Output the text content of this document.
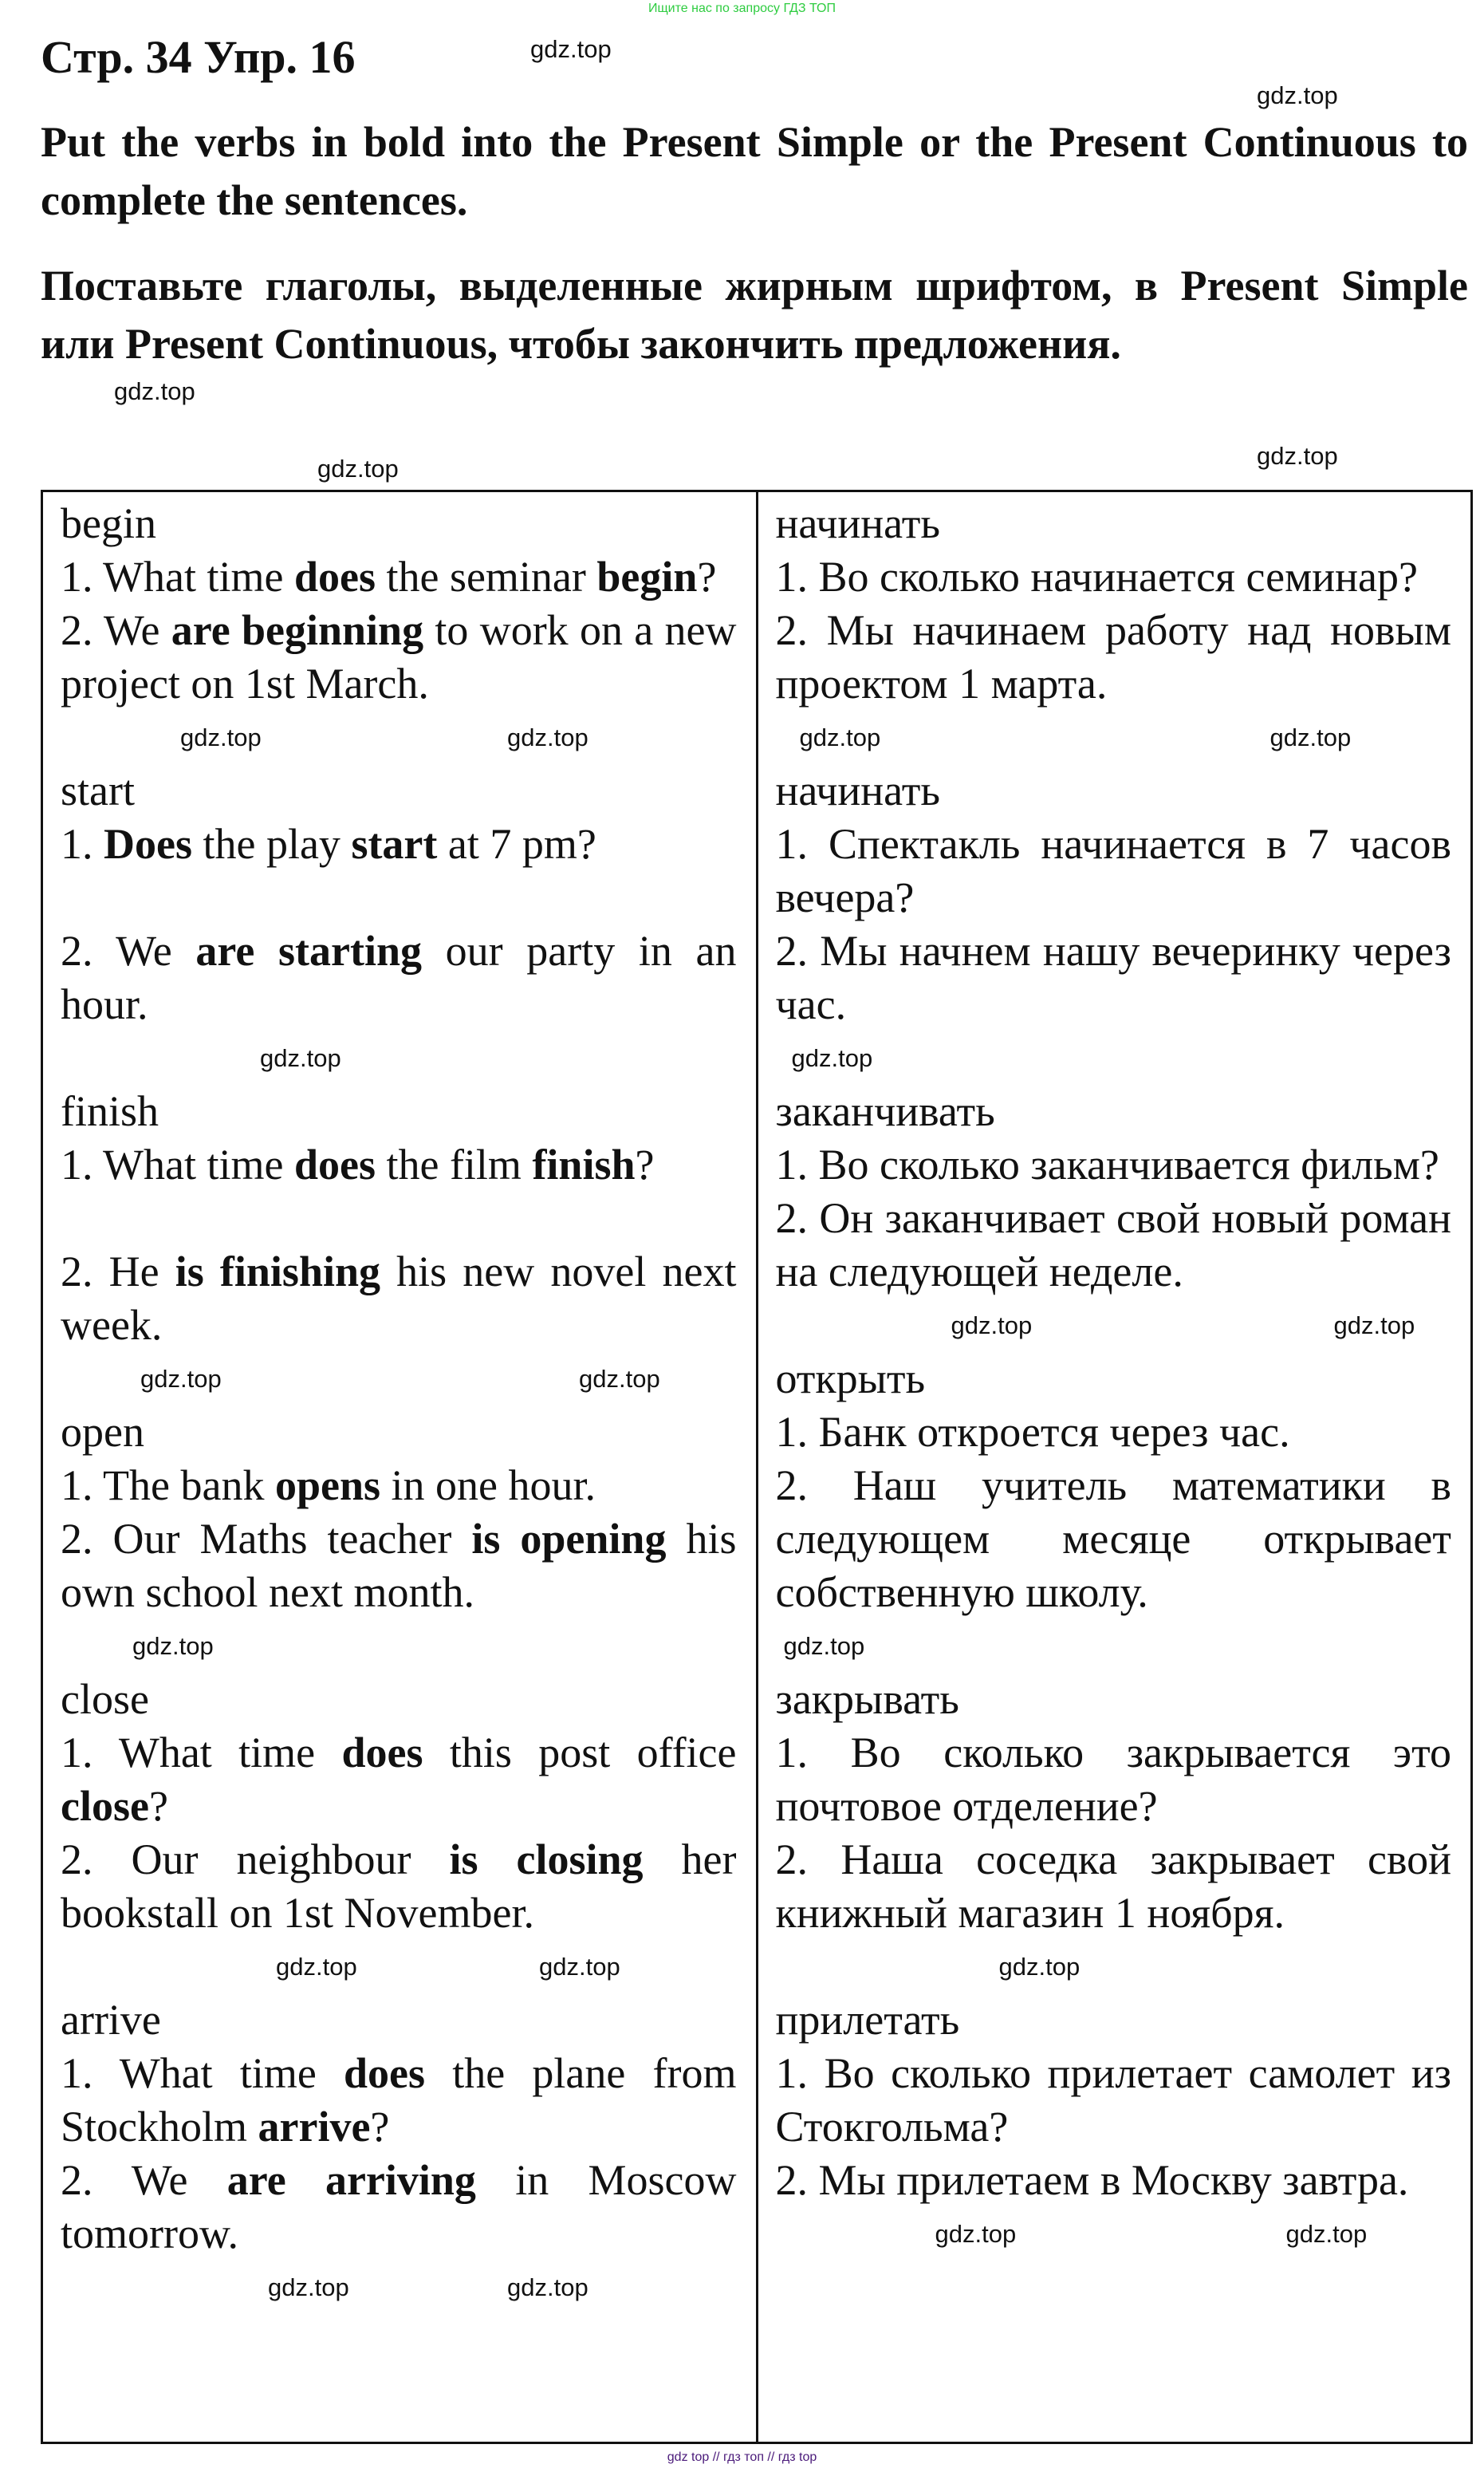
Ищите нас по запросу ГДЗ ТОП
Стр. 34 Упр. 16
Put the verbs in bold into the Present Simple or the Present Continuous to complete the sentences.
Поставьте глаголы, выделенные жирным шрифтом, в Present Simple или Present Continuous, чтобы закончить предложения.
gdz.top
gdz.top
gdz.top
gdz.top	gdz.top
begin
1. What time does the seminar begin?
2. We are beginning to work on a new project on 1st March.
gdz.top	gdz.top
start
1. Does the play start at 7 pm?
2. We are starting our party in an hour.
gdz.top
finish
1. What time does the film finish?
2. He is finishing his new novel next week.
gdz.top	gdz.top
open
1. The bank opens in one hour.
2. Our Maths teacher is opening his own school next month.
gdz.top
close
1. What time does this post office close?
2. Our neighbour is closing her bookstall on 1st November.
gdz.top	gdz.top
arrive
1. What time does the plane from Stockholm arrive?
2. We are arriving in Moscow tomorrow.
gdz.top	gdz.top
начинать
1. Во сколько начинается семинар?
2. Мы начинаем работу над новым проектом 1 марта.
gdz.top	gdz.top
начинать
1. Спектакль начинается в 7 часов вечера?
2. Мы начнем нашу вечеринку через час.
gdz.top
заканчивать
1. Во сколько заканчивается фильм?
2. Он заканчивает свой новый роман на следующей неделе.
gdz.top	gdz.top
открыть
1. Банк откроется через час.
2. Наш учитель математики в следующем месяце открывает собственную школу.
gdz.top
закрывать
1. Во сколько закрывается это почтовое отделение?
2. Наша соседка закрывает свой книжный магазин 1 ноября.
gdz.top
прилетать
1. Во сколько прилетает самолет из Стокгольма?
2. Мы прилетаем в Москву завтра.
gdz.top	gdz.top
gdz top // гдз топ // гдз top
